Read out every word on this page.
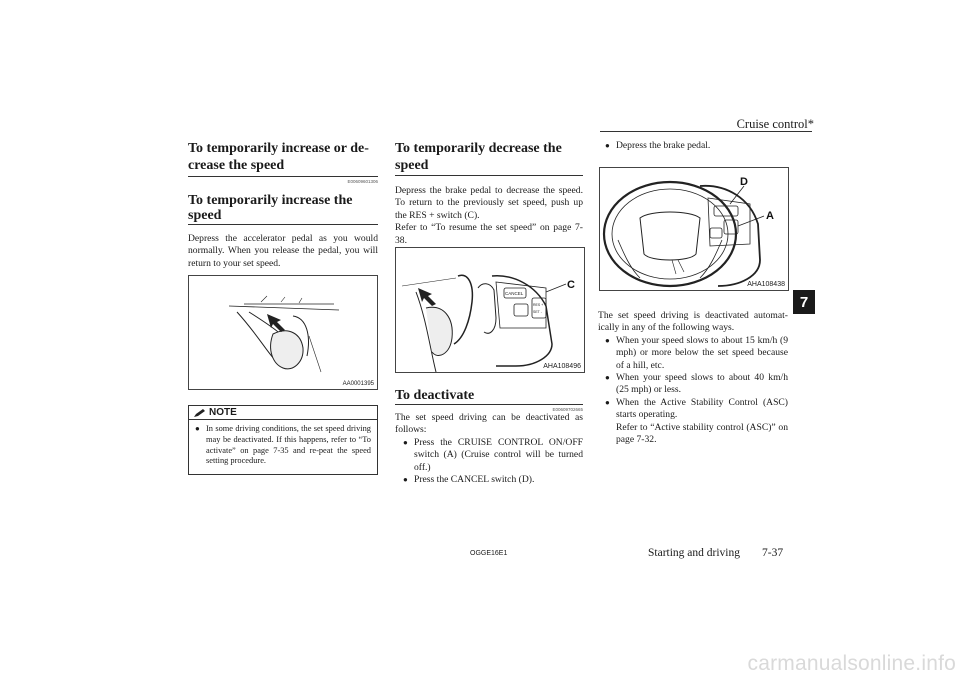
Cruise control*
7
To temporarily increase or de-crease the speed
E00609601306
To temporarily increase the speed
Depress the accelerator pedal as you would normally. When you release the pedal, you will return to your set speed.
AA0001395
NOTE
● In some driving conditions, the set speed driving may be deactivated. If this happens, refer to “To activate” on page 7-35 and re-peat the speed setting procedure.
To temporarily decrease the speed
Depress the brake pedal to decrease the speed. To return to the previously set speed, push up the RES + switch (C).
Refer to “To resume the set speed” on page 7-38.
CANCEL
RES +
SET -
C
AHA108496
To deactivate
E00609702665
The set speed driving can be deactivated as follows:
● Press the CRUISE CONTROL ON/OFF switch (A) (Cruise control will be turned off.)
● Press the CANCEL switch (D).
● Depress the brake pedal.
D
A
AHA108438
The set speed driving is deactivated automat-ically in any of the following ways.
● When your speed slows to about 15 km/h (9 mph) or more below the set speed because of a hill, etc.
● When your speed slows to about 40 km/h (25 mph) or less.
● When the Active Stability Control (ASC) starts operating.
Refer to “Active stability control (ASC)” on page 7-32.
OGGE16E1	Starting and driving 7-37
carmanualsonline.info
